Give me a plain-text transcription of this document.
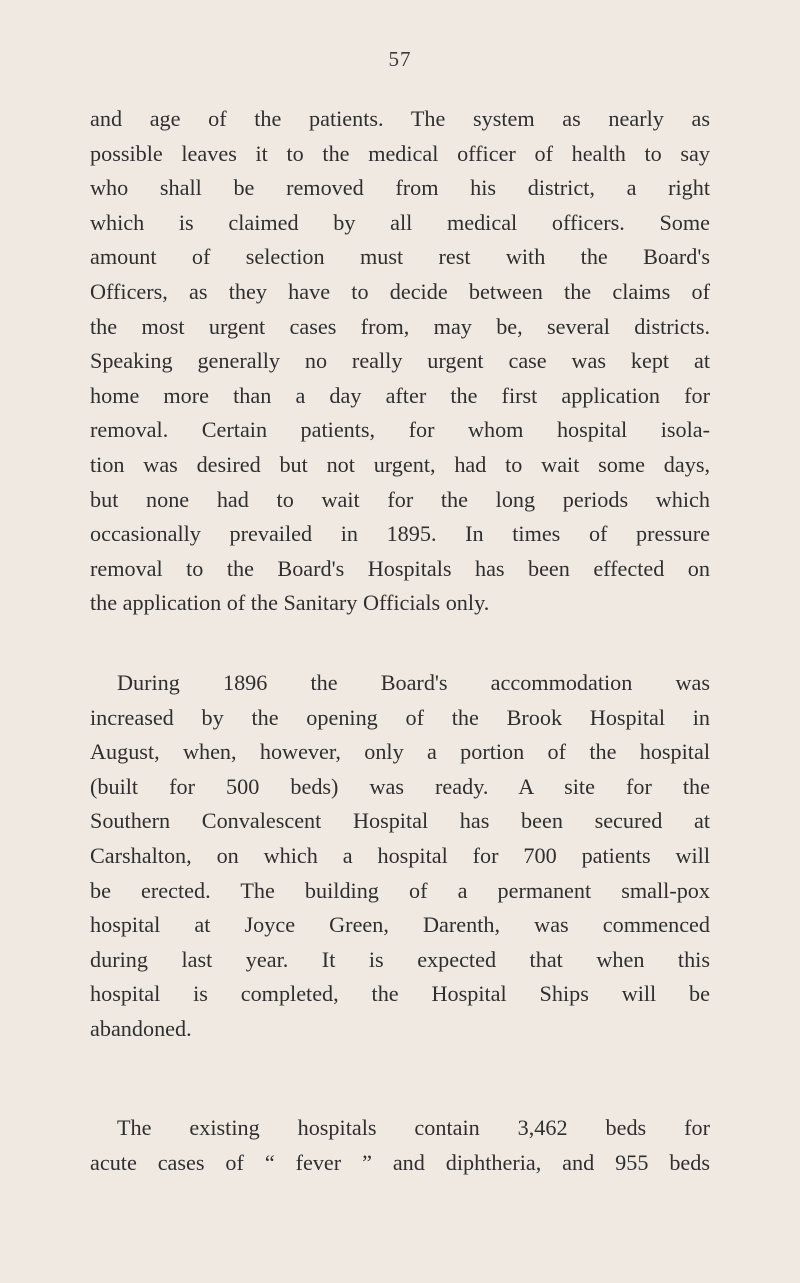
57
and age of the patients. The system as nearly as
possible leaves it to the medical officer of health to say
who shall be removed from his district, a right
which is claimed by all medical officers. Some
amount of selection must rest with the Board's
Officers, as they have to decide between the claims of
the most urgent cases from, may be, several districts.
Speaking generally no really urgent case was kept at
home more than a day after the first application for
removal. Certain patients, for whom hospital isola-
tion was desired but not urgent, had to wait some days,
but none had to wait for the long periods which
occasionally prevailed in 1895. In times of pressure
removal to the Board's Hospitals has been effected on
the application of the Sanitary Officials only.
During 1896 the Board's accommodation was
increased by the opening of the Brook Hospital in
August, when, however, only a portion of the hospital
(built for 500 beds) was ready. A site for the
Southern Convalescent Hospital has been secured at
Carshalton, on which a hospital for 700 patients will
be erected. The building of a permanent small-pox
hospital at Joyce Green, Darenth, was commenced
during last year. It is expected that when this
hospital is completed, the Hospital Ships will be
abandoned.
The existing hospitals contain 3,462 beds for
acute cases of “ fever ” and diphtheria, and 955 beds
